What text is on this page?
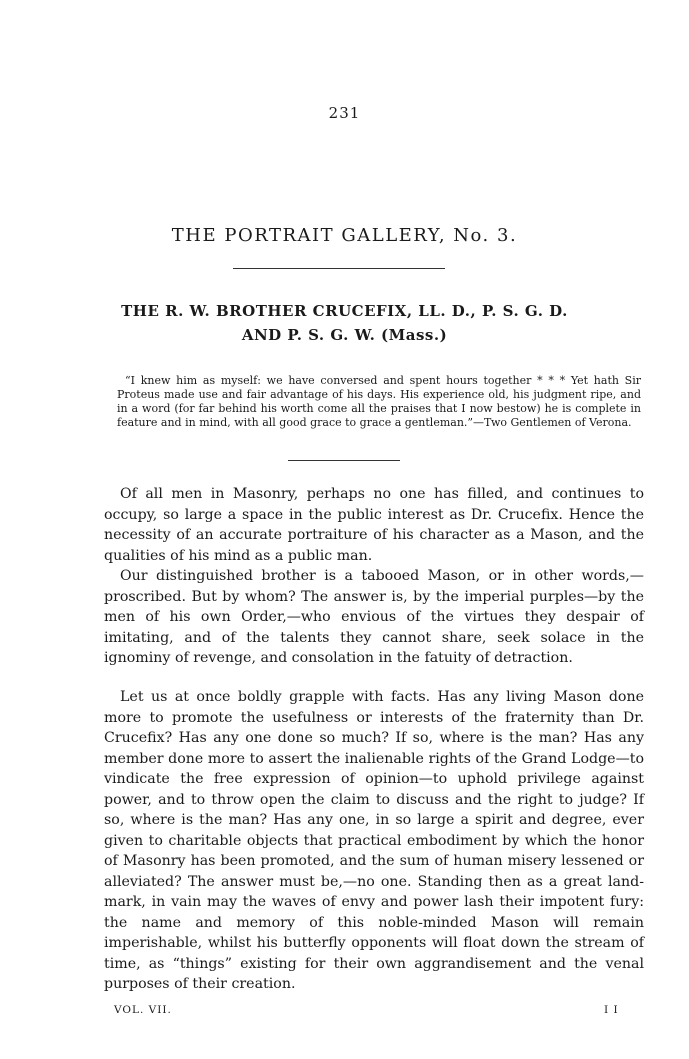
231
THE PORTRAIT GALLERY, No. 3.
THE R. W. BROTHER CRUCEFIX, LL. D., P. S. G. D.
AND P. S. G. W. (Mass.)
“I knew him as myself: we have conversed and spent hours together * * * Yet hath Sir Proteus made use and fair advantage of his days. His experience old, his judgment ripe, and in a word (for far behind his worth come all the praises that I now bestow) he is complete in feature and in mind, with all good grace to grace a gentleman.”—Two Gentlemen of Verona.

Of all men in Masonry, perhaps no one has filled, and continues to occupy, so large a space in the public interest as Dr. Crucefix. Hence the necessity of an accurate portraiture of his character as a Mason, and the qualities of his mind as a public man.

Our distinguished brother is a tabooed Mason, or in other words,—proscribed. But by whom? The answer is, by the imperial purples—by the men of his own Order,—who envious of the virtues they despair of imitating, and of the talents they cannot share, seek solace in the ignominy of revenge, and consolation in the fatuity of detraction.

Let us at once boldly grapple with facts. Has any living Mason done more to promote the usefulness or interests of the fraternity than Dr. Crucefix? Has any one done so much? If so, where is the man? Has any member done more to assert the inalienable rights of the Grand Lodge—to vindicate the free expression of opinion—to uphold privilege against power, and to throw open the claim to discuss and the right to judge? If so, where is the man? Has any one, in so large a spirit and degree, ever given to charitable objects that practical embodiment by which the honor of Masonry has been promoted, and the sum of human misery lessened or alleviated? The answer must be,—no one. Standing then as a great land-mark, in vain may the waves of envy and power lash their impotent fury: the name and memory of this noble-minded Mason will remain imperishable, whilst his butterfly opponents will float down the stream of time, as “things” existing for their own aggrandisement and the venal purposes of their creation.

VOL. VII.	I I
